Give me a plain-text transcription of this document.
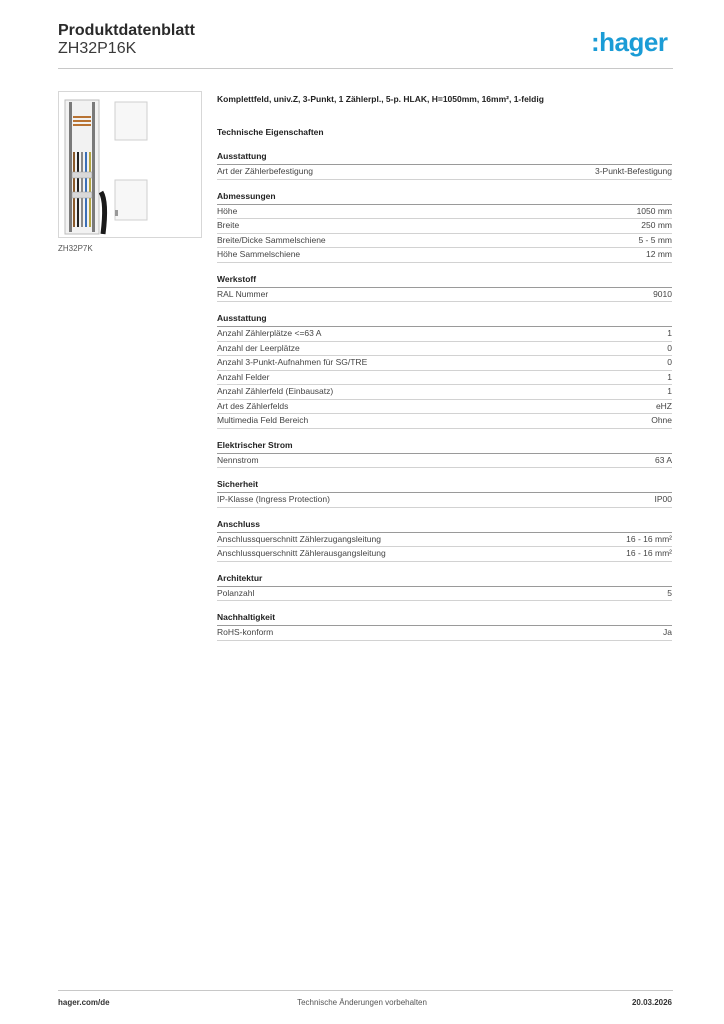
Produktdatenblatt
ZH32P16K	:hager
ZH32P7K
Komplettfeld, univ.Z, 3-Punkt, 1 Zählerpl., 5-p. HLAK, H=1050mm, 16mm², 1-feldig
Technische Eigenschaften
Ausstattung
Art der Zählerbefestigung	3-Punkt-Befestigung
Abmessungen
Höhe	1050 mm
Breite	250 mm
Breite/Dicke Sammelschiene	5 - 5 mm
Höhe Sammelschiene	12 mm
Werkstoff
RAL Nummer	9010
Ausstattung
Anzahl Zählerplätze <=63 A	1
Anzahl der Leerplätze	0
Anzahl 3-Punkt-Aufnahmen für SG/TRE	0
Anzahl Felder	1
Anzahl Zählerfeld (Einbausatz)	1
Art des Zählerfelds	eHZ
Multimedia Feld Bereich	Ohne
Elektrischer Strom
Nennstrom	63 A
Sicherheit
IP-Klasse (Ingress Protection)	IP00
Anschluss
Anschlussquerschnitt Zählerzugangsleitung	16 - 16 mm²
Anschlussquerschnitt Zählerausgangsleitung	16 - 16 mm²
Architektur
Polanzahl	5
Nachhaltigkeit
RoHS-konform	Ja
hager.com/de	Technische Änderungen vorbehalten	20.03.2026
